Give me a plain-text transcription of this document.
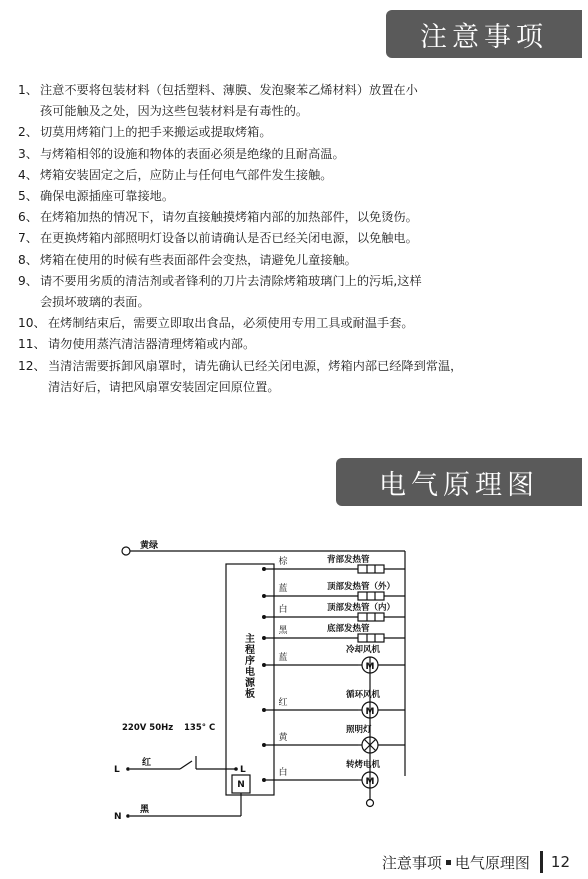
注意事项
1、 注意不要将包装材料（包括塑料、薄膜、发泡聚苯乙烯材料）放置在小
孩可能触及之处，因为这些包装材料是有毒性的。
2、 切莫用烤箱门上的把手来搬运或提取烤箱。
3、 与烤箱相邻的设施和物体的表面必须是绝缘的且耐高温。
4、 烤箱安装固定之后，应防止与任何电气部件发生接触。
5、 确保电源插座可靠接地。
6、 在烤箱加热的情况下，请勿直接触摸烤箱内部的加热部件，以免烫伤。
7、 在更换烤箱内部照明灯设备以前请确认是否已经关闭电源，以免触电。
8、 烤箱在使用的时候有些表面部件会变热，请避免儿童接触。
9、 请不要用劣质的清洁剂或者锋利的刀片去清除烤箱玻璃门上的污垢,这样
会损坏玻璃的表面。
10、 在烤制结束后，需要立即取出食品，必须使用专用工具或耐温手套。
11、 请勿使用蒸汽清洁器清理烤箱或内部。
12、 当清洁需要拆卸风扇罩时，请先确认已经关闭电源，烤箱内部已经降到常温，
清洁好后，请把风扇罩安装固定回原位置。
电气原理图
主程序电源板
黄绿
棕	背部发热管
蓝	顶部发热管（外）
白	顶部发热管（内）
黑	底部发热管
蓝
M
冷却风机
红
M
循环风机
黄
照明灯
白
M
转烤电机
220V 50Hz 135° C
L
红
L
N
N
黑
注意事项 电气原理图 12
